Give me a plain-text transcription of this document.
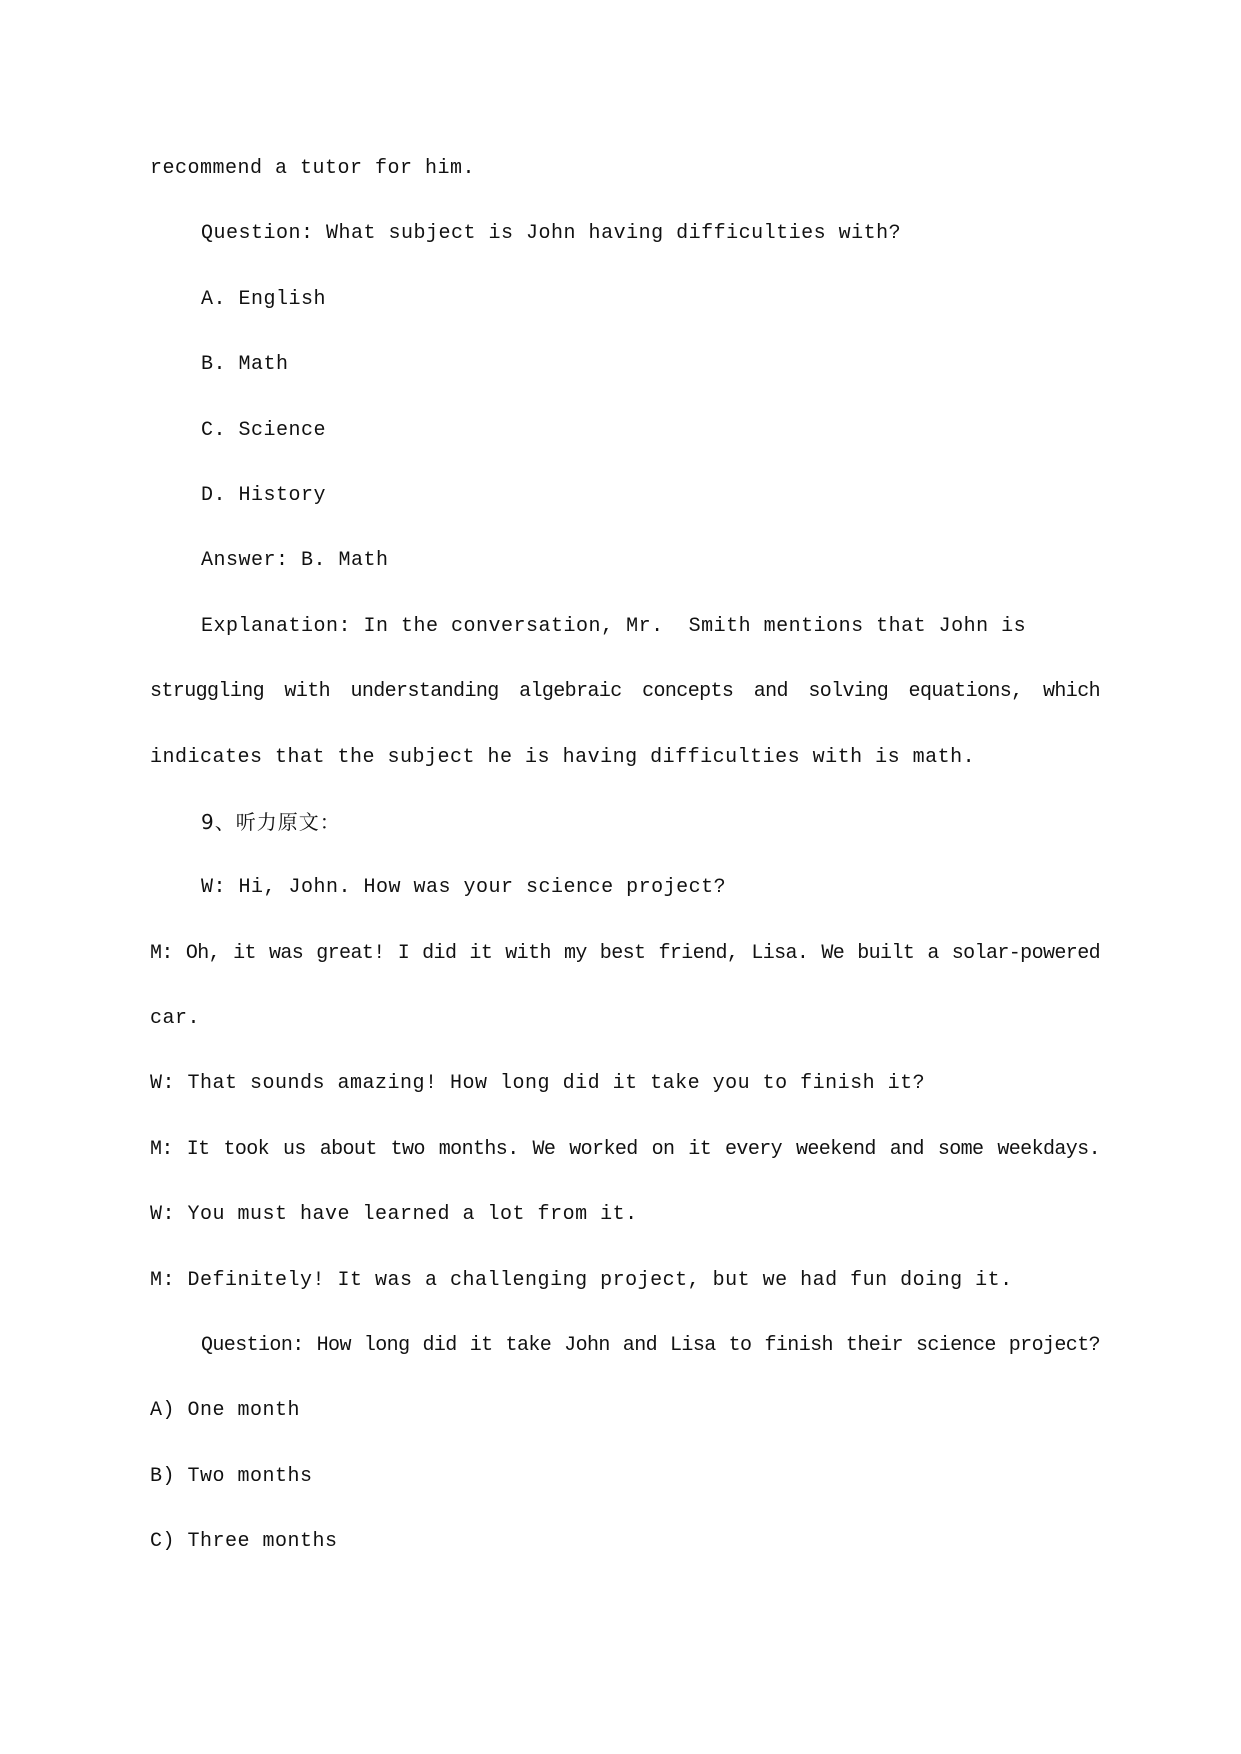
recommend a tutor for him.
Question: What subject is John having difficulties with?
A. English
B. Math
C. Science
D. History
Answer: B. Math
Explanation: In the conversation, Mr.  Smith mentions that John is
struggling with understanding algebraic concepts and solving equations, which
indicates that the subject he is having difficulties with is math.
9、听力原文：
W: Hi, John. How was your science project?
M: Oh, it was great! I did it with my best friend, Lisa. We built a solar-powered
car.
W: That sounds amazing! How long did it take you to finish it?
M: It took us about two months. We worked on it every weekend and some weekdays.
W: You must have learned a lot from it.
M: Definitely! It was a challenging project, but we had fun doing it.
Question: How long did it take John and Lisa to finish their science project?
A) One month
B) Two months
C) Three months
